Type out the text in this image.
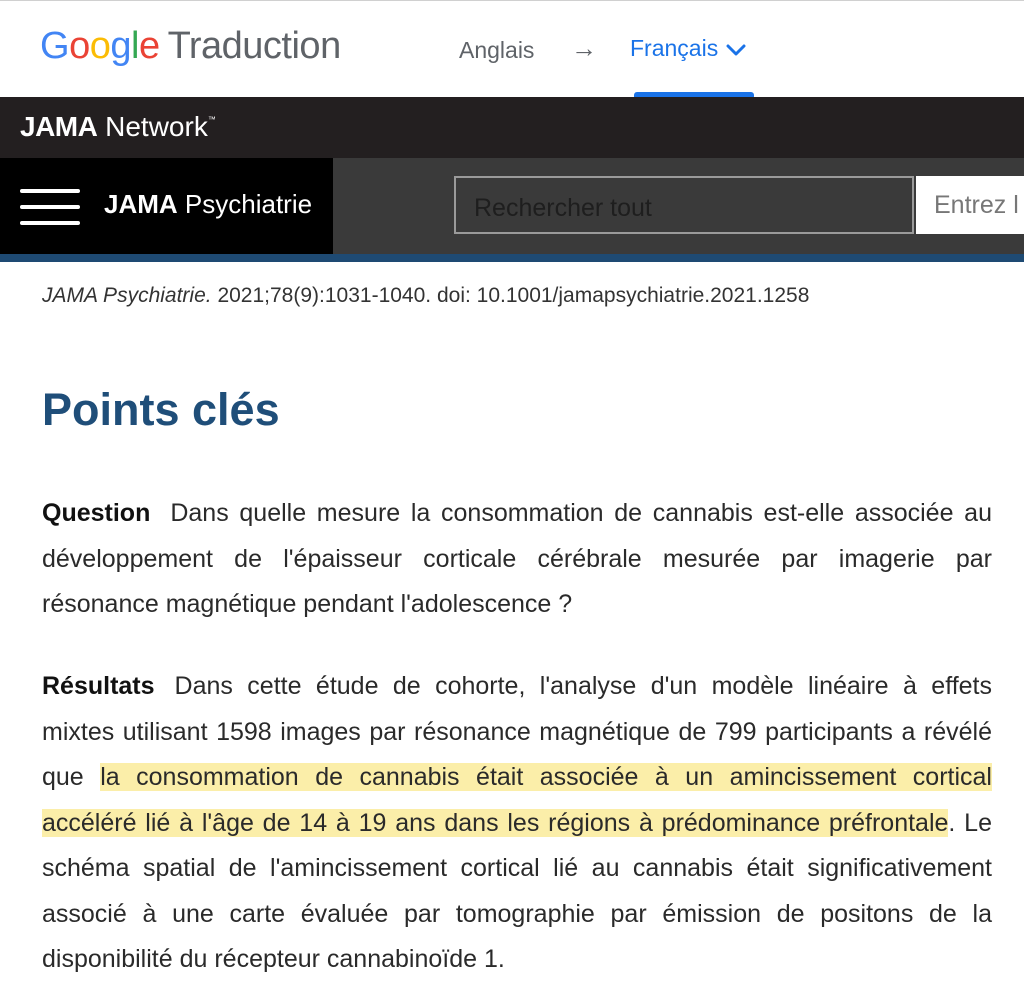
Google Traduction	Anglais → Français
JAMA Network™
JAMA Psychiatrie
Rechercher tout	Entrez l
JAMA Psychiatrie. 2021;78(9):1031-1040. doi: 10.1001/jamapsychiatrie.2021.1258
Points clés

Question Dans quelle mesure la consommation de cannabis est-elle associée au développement de l'épaisseur corticale cérébrale mesurée par imagerie par résonance magnétique pendant l'adolescence ?

Résultats Dans cette étude de cohorte, l'analyse d'un modèle linéaire à effets mixtes utilisant 1598 images par résonance magnétique de 799 participants a révélé que la consommation de cannabis était associée à un amincissement cortical accéléré lié à l'âge de 14 à 19 ans dans les régions à prédominance préfrontale. Le schéma spatial de l'amincissement cortical lié au cannabis était significativement associé à une carte évaluée par tomographie par émission de positons de la disponibilité du récepteur cannabinoïde 1.
